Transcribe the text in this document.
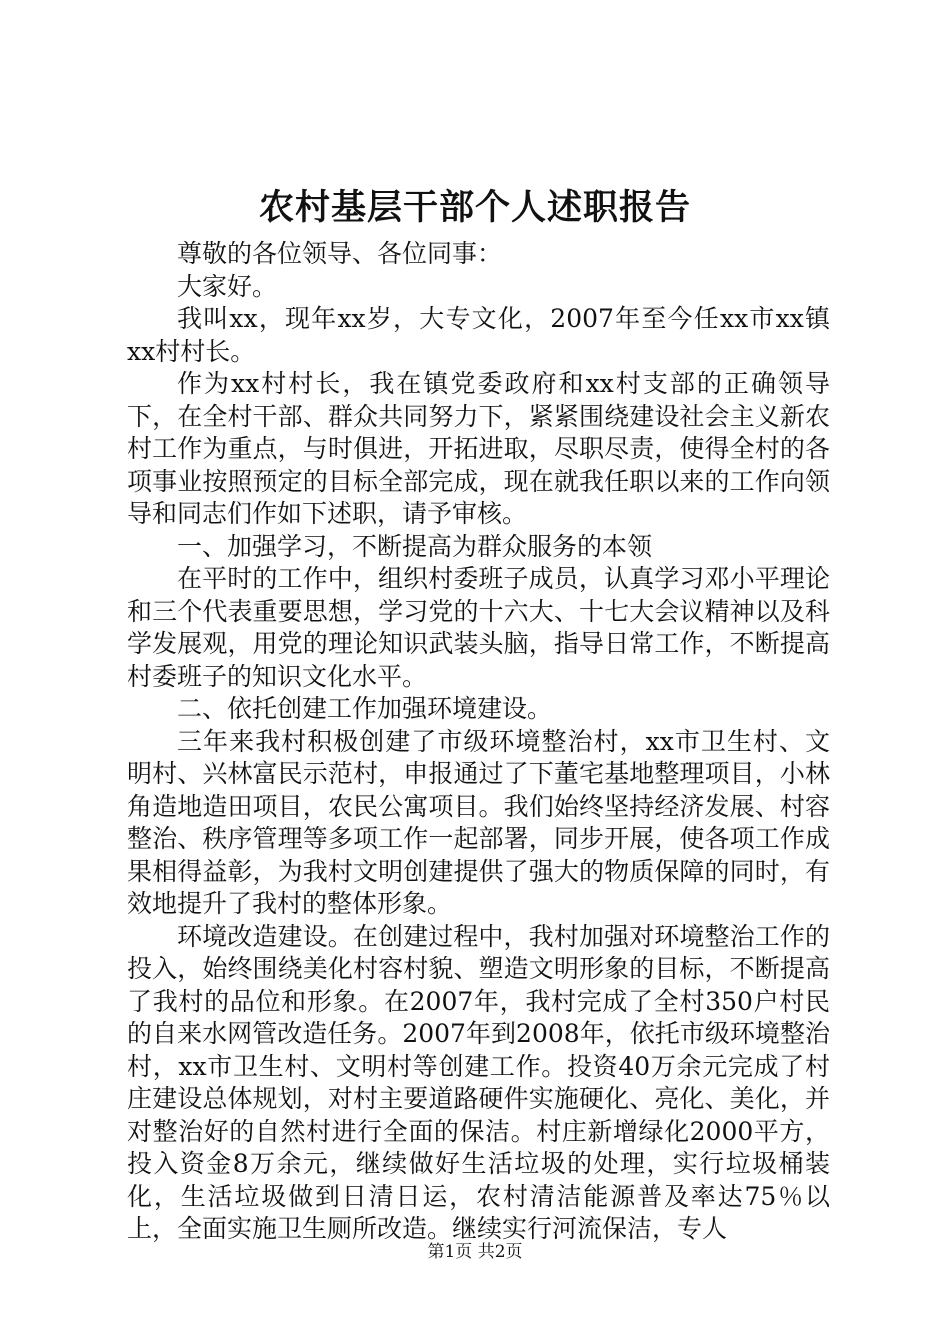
农村基层干部个人述职报告

尊敬的各位领导、各位同事：

大家好。

我叫xx，现年xx岁，大专文化，2007年至今任xx市xx镇xx村村长。

作为xx村村长，我在镇党委政府和xx村支部的正确领导下，在全村干部、群众共同努力下，紧紧围绕建设社会主义新农村工作为重点，与时俱进，开拓进取，尽职尽责，使得全村的各项事业按照预定的目标全部完成，现在就我任职以来的工作向领导和同志们作如下述职，请予审核。

一、加强学习，不断提高为群众服务的本领

在平时的工作中，组织村委班子成员，认真学习邓小平理论和三个代表重要思想，学习党的十六大、十七大会议精神以及科学发展观，用党的理论知识武装头脑，指导日常工作，不断提高村委班子的知识文化水平。

二、依托创建工作加强环境建设。

三年来我村积极创建了市级环境整治村，xx市卫生村、文明村、兴林富民示范村，申报通过了下董宅基地整理项目，小林角造地造田项目，农民公寓项目。我们始终坚持经济发展、村容整治、秩序管理等多项工作一起部署，同步开展，使各项工作成果相得益彰，为我村文明创建提供了强大的物质保障的同时，有效地提升了我村的整体形象。

环境改造建设。在创建过程中，我村加强对环境整治工作的投入，始终围绕美化村容村貌、塑造文明形象的目标，不断提高了我村的品位和形象。在2007年，我村完成了全村350户村民的自来水网管改造任务。2007年到2008年，依托市级环境整治村，xx市卫生村、文明村等创建工作。投资40万余元完成了村庄建设总体规划，对村主要道路硬件实施硬化、亮化、美化，并对整治好的自然村进行全面的保洁。村庄新增绿化2000平方，投入资金8万余元，继续做好生活垃圾的处理，实行垃圾桶装化，生活垃圾做到日清日运，农村清洁能源普及率达75％以上，全面实施卫生厕所改造。继续实行河流保洁，专人

第1页 共2页
